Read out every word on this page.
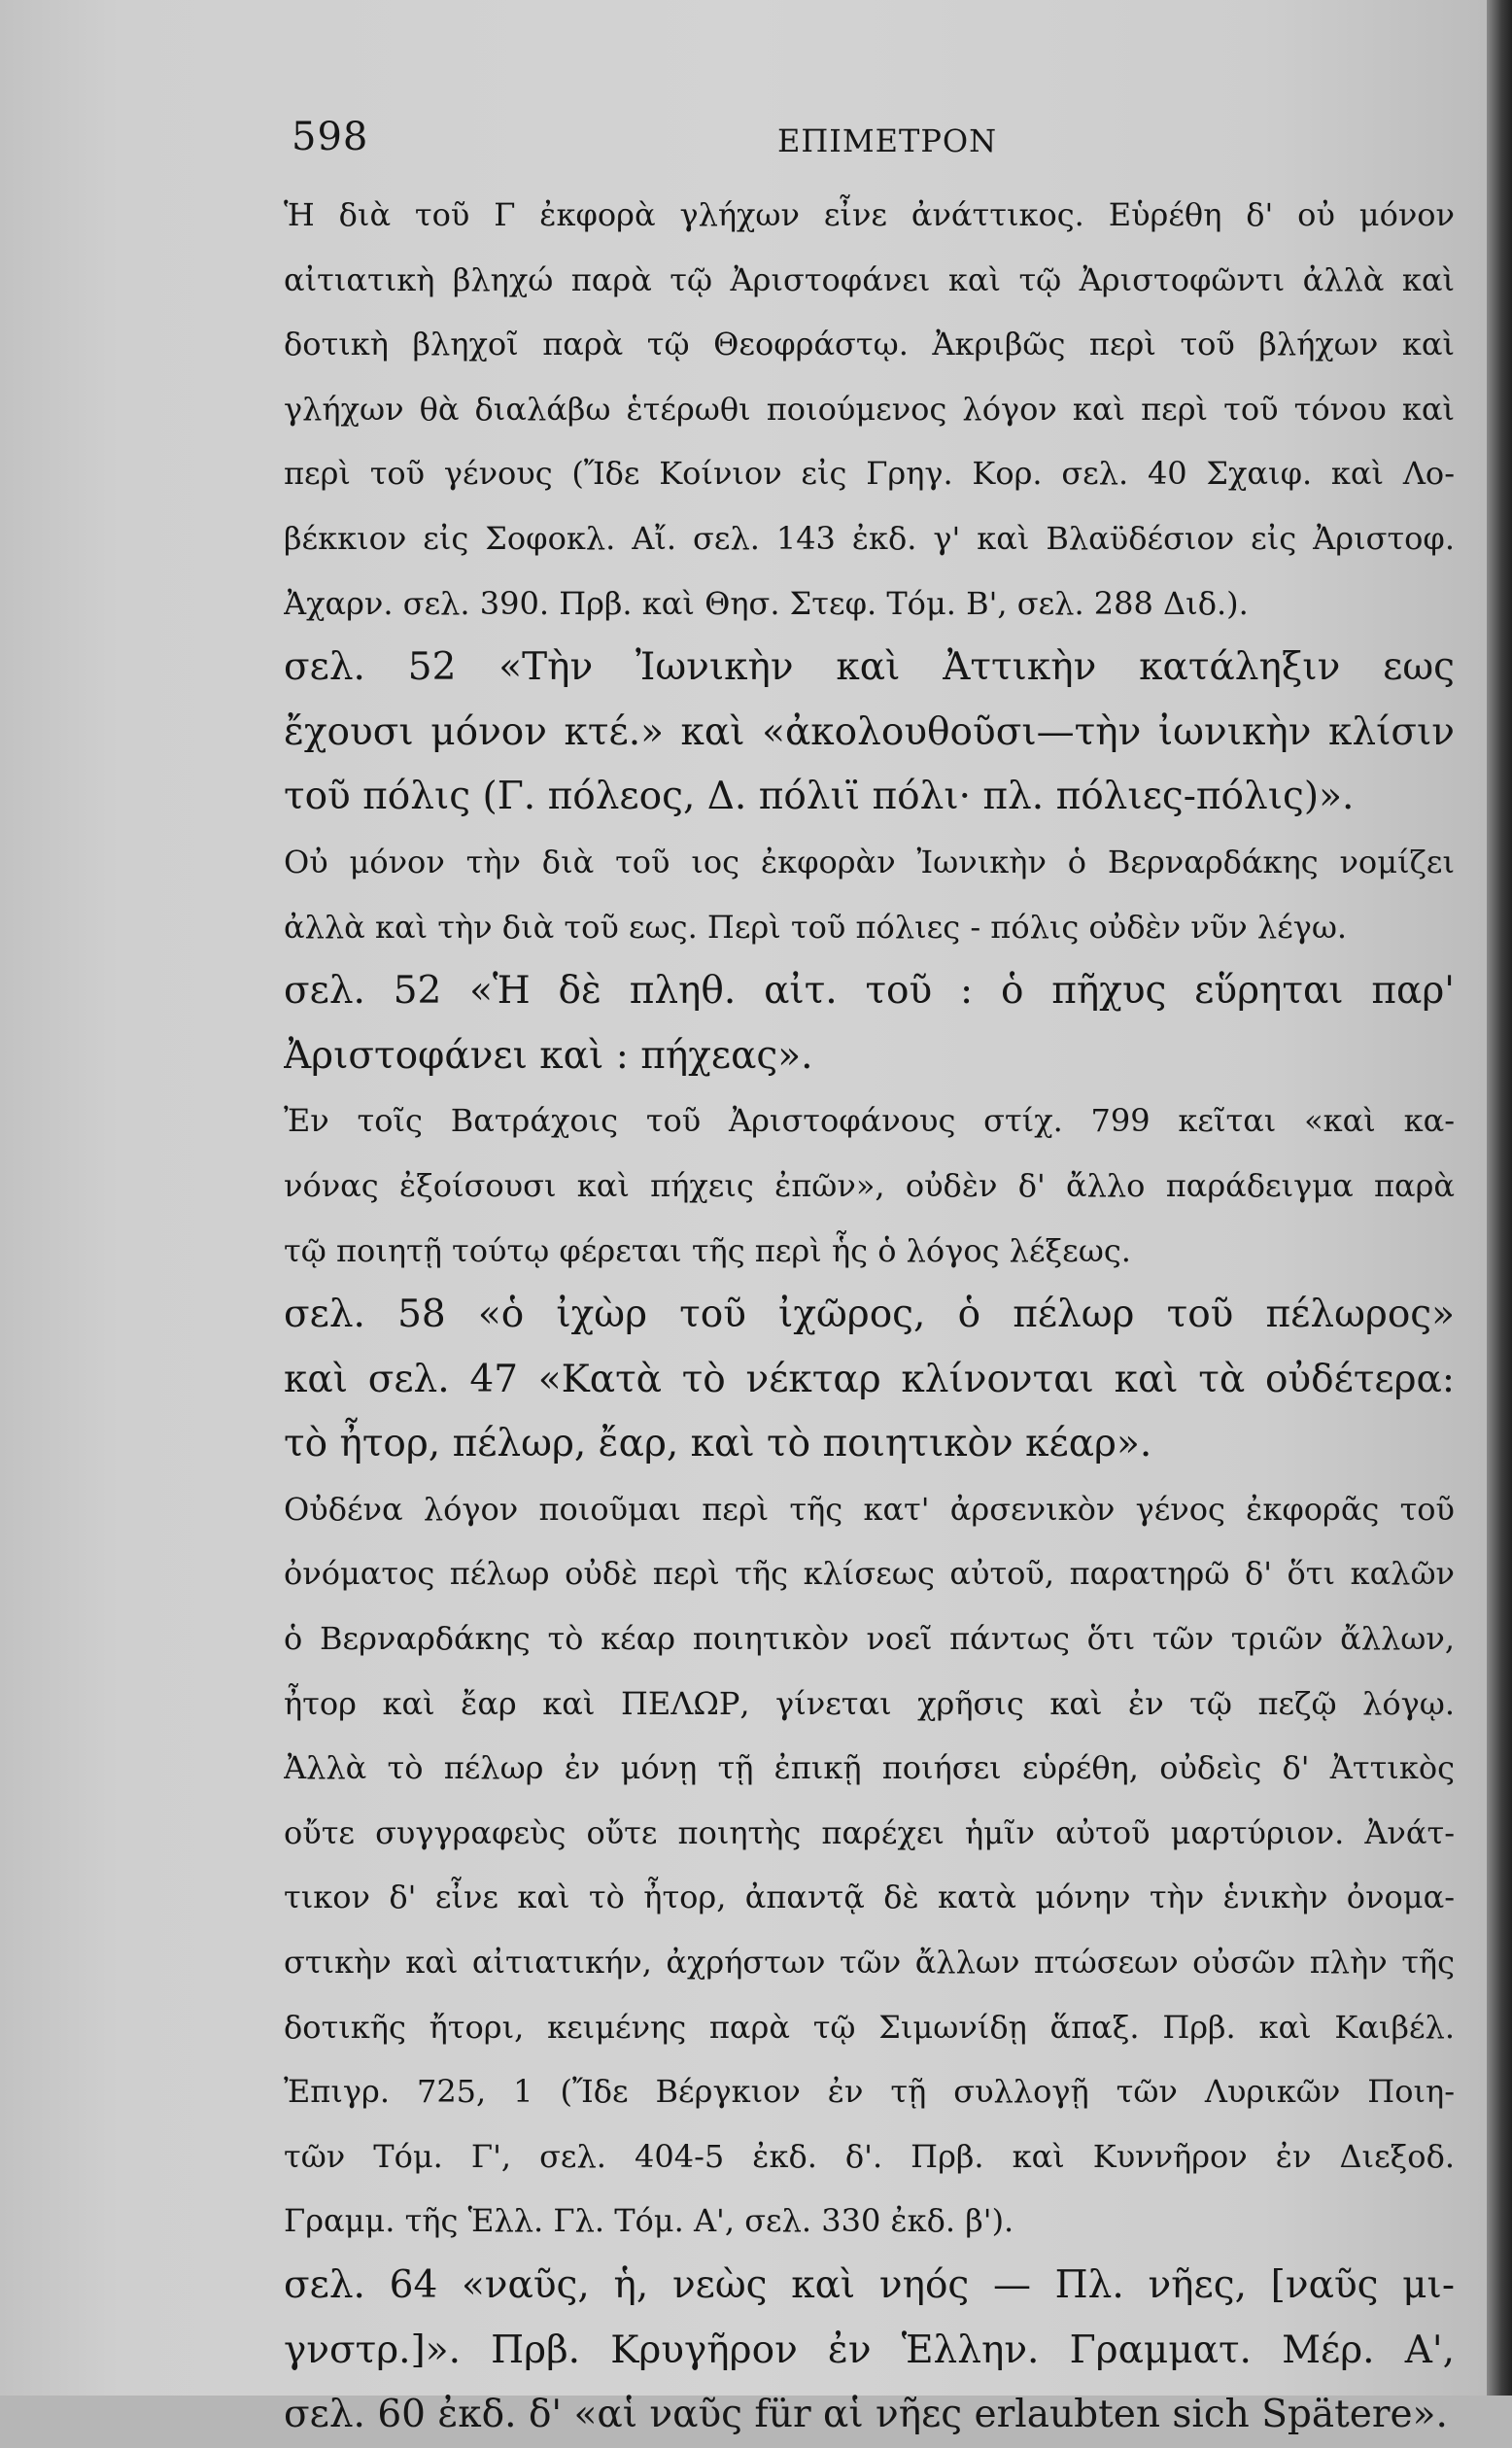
598	ΕΠΙΜΕΤΡΟΝ
Ἡ διὰ τοῦ Γ ἐκφορὰ γλήχων εἶνε ἀνάττικος. Εὑρέθη δ' οὐ μόνον
αἰτιατικὴ βληχώ παρὰ τῷ Ἀριστοφάνει καὶ τῷ Ἀριστοφῶντι ἀλλὰ καὶ
δοτικὴ βληχοῖ παρὰ τῷ Θεοφράστῳ. Ἀκριβῶς περὶ τοῦ βλήχων καὶ
γλήχων θὰ διαλάβω ἑτέρωθι ποιούμενος λόγον καὶ περὶ τοῦ τόνου καὶ
περὶ τοῦ γένους (Ἴδε Κοίνιον εἰς Γρηγ. Κορ. σελ. 40 Σχαιφ. καὶ Λο-
βέκκιον εἰς Σοφοκλ. Αἴ. σελ. 143 ἐκδ. γ' καὶ Βλαϋδέσιον εἰς Ἀριστοφ.
Ἀχαρν. σελ. 390. Πρβ. καὶ Θησ. Στεφ. Τόμ. Β', σελ. 288 Διδ.).
σελ. 52 «Τὴν Ἰωνικὴν καὶ Ἀττικὴν κατάληξιν εως
ἔχουσι μόνον κτέ.» καὶ «ἀκολουθοῦσι—τὴν ἰωνικὴν κλίσιν
τοῦ πόλις (Γ. πόλεος, Δ. πόλιϊ πόλι· πλ. πόλιες-πόλις)».
Οὐ μόνον τὴν διὰ τοῦ ιος ἐκφορὰν Ἰωνικὴν ὁ Βερναρδάκης νομίζει
ἀλλὰ καὶ τὴν διὰ τοῦ εως. Περὶ τοῦ πόλιες - πόλις οὐδὲν νῦν λέγω.
σελ. 52 «Ἡ δὲ πληθ. αἰτ. τοῦ : ὁ πῆχυς εὕρηται παρ'
Ἀριστοφάνει καὶ : πήχεας».
Ἐν τοῖς Βατράχοις τοῦ Ἀριστοφάνους στίχ. 799 κεῖται «καὶ κα-
νόνας ἐξοίσουσι καὶ πήχεις ἐπῶν», οὐδὲν δ' ἄλλο παράδειγμα παρὰ
τῷ ποιητῇ τούτῳ φέρεται τῆς περὶ ἧς ὁ λόγος λέξεως.
σελ. 58 «ὁ ἰχὼρ τοῦ ἰχῶρος, ὁ πέλωρ τοῦ πέλωρος»
καὶ σελ. 47 «Κατὰ τὸ νέκταρ κλίνονται καὶ τὰ οὐδέτερα:
τὸ ἦτορ, πέλωρ, ἔαρ, καὶ τὸ ποιητικὸν κέαρ».
Οὐδένα λόγον ποιοῦμαι περὶ τῆς κατ' ἀρσενικὸν γένος ἐκφορᾶς τοῦ
ὀνόματος πέλωρ οὐδὲ περὶ τῆς κλίσεως αὐτοῦ, παρατηρῶ δ' ὅτι καλῶν
ὁ Βερναρδάκης τὸ κέαρ ποιητικὸν νοεῖ πάντως ὅτι τῶν τριῶν ἄλλων,
ἦτορ καὶ ἔαρ καὶ ΠΕΛΩΡ, γίνεται χρῆσις καὶ ἐν τῷ πεζῷ λόγῳ.
Ἀλλὰ τὸ πέλωρ ἐν μόνῃ τῇ ἐπικῇ ποιήσει εὑρέθη, οὐδεὶς δ' Ἀττικὸς
οὔτε συγγραφεὺς οὔτε ποιητὴς παρέχει ἡμῖν αὐτοῦ μαρτύριον. Ἀνάτ-
τικον δ' εἶνε καὶ τὸ ἦτορ, ἀπαντᾷ δὲ κατὰ μόνην τὴν ἑνικὴν ὀνομα-
στικὴν καὶ αἰτιατικήν, ἀχρήστων τῶν ἄλλων πτώσεων οὐσῶν πλὴν τῆς
δοτικῆς ἤτορι, κειμένης παρὰ τῷ Σιμωνίδῃ ἅπαξ. Πρβ. καὶ Καιβέλ.
Ἐπιγρ. 725, 1 (Ἴδε Βέργκιον ἐν τῇ συλλογῇ τῶν Λυρικῶν Ποιη-
τῶν Τόμ. Γ', σελ. 404-5 ἐκδ. δ'. Πρβ. καὶ Κυννῆρον ἐν Διεξοδ.
Γραμμ. τῆς Ἑλλ. Γλ. Τόμ. Α', σελ. 330 ἐκδ. β').
σελ. 64 «ναῦς, ἡ, νεὼς καὶ νηός — Πλ. νῆες, [ναῦς μι-
γνστρ.]». Πρβ. Κρυγῆρον ἐν Ἑλλην. Γραμματ. Μέρ. Α',
σελ. 60 ἐκδ. δ' «αἱ ναῦς für αἱ νῆες erlaubten sich Spätere».
